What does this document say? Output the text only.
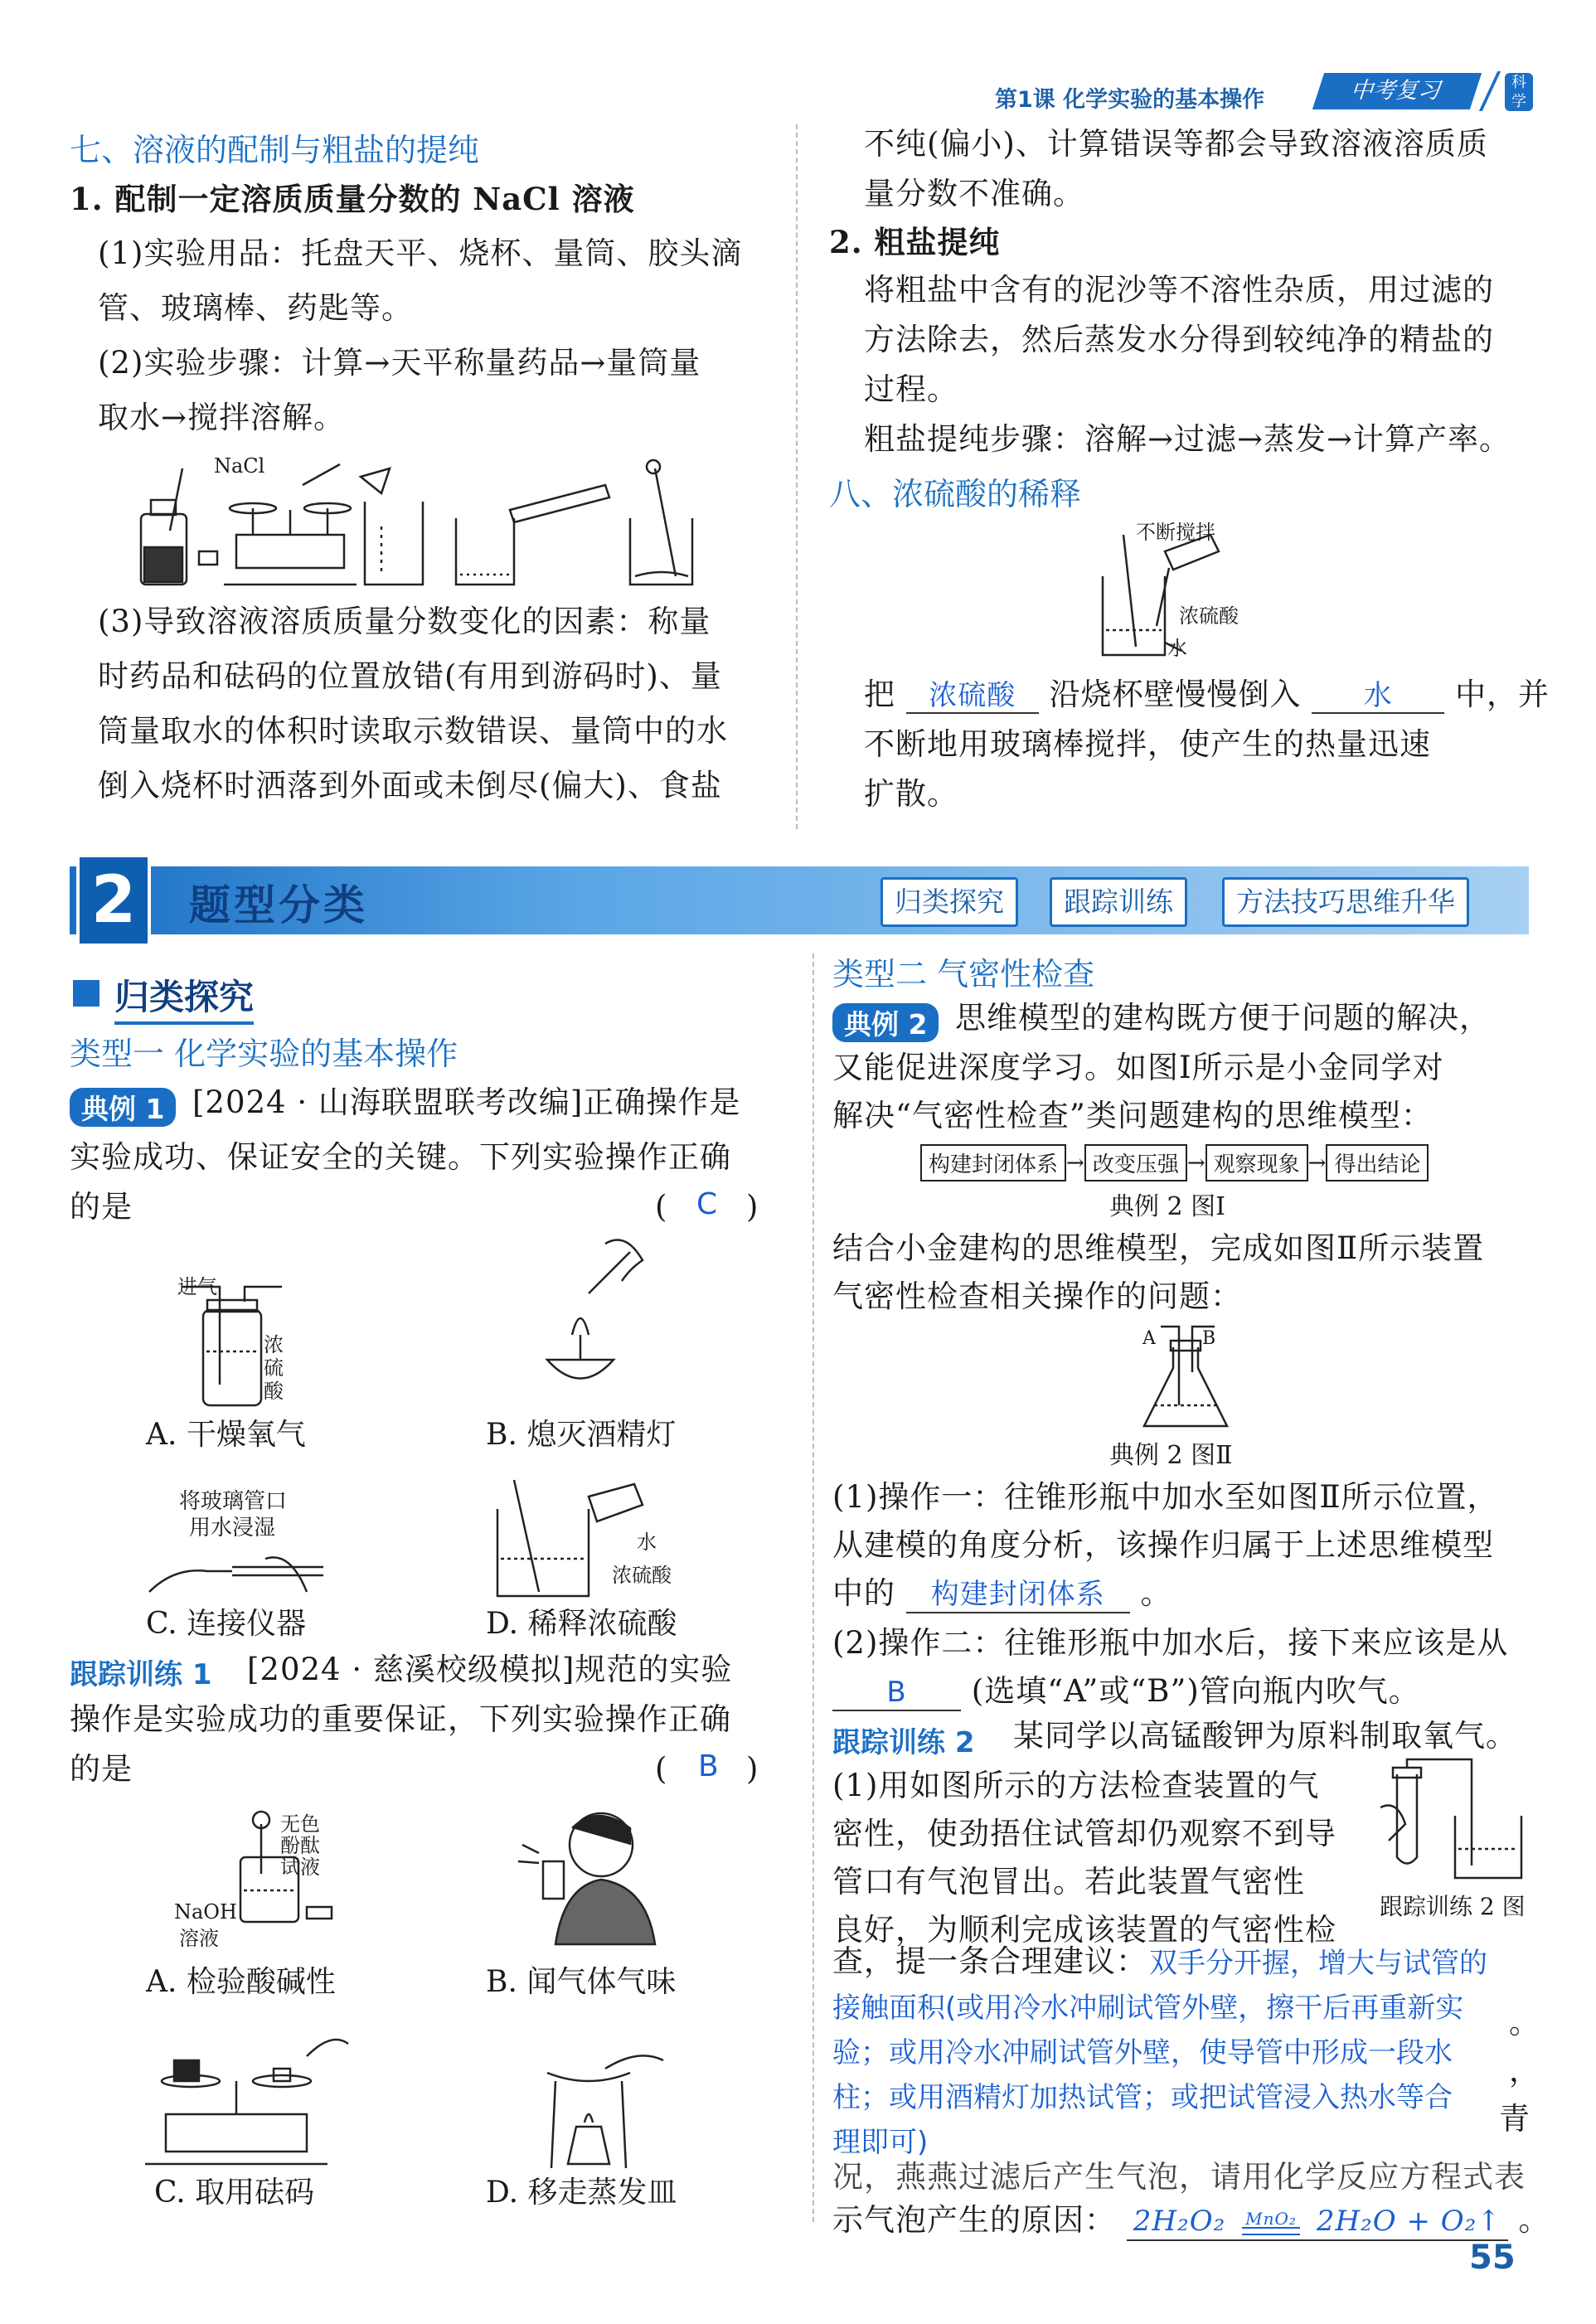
第1课 化学实验的基本操作	中考复习	科学
七、溶液的配制与粗盐的提纯
1. 配制一定溶质质量分数的 NaCl 溶液
(1)实验用品：托盘天平、烧杯、量筒、胶头滴
管、玻璃棒、药匙等。
(2)实验步骤：计算→天平称量药品→量筒量
取水→搅拌溶解。
NaCl
(3)导致溶液溶质质量分数变化的因素：称量
时药品和砝码的位置放错(有用到游码时)、量
筒量取水的体积时读取示数错误、量筒中的水
倒入烧杯时洒落到外面或未倒尽(偏大)、食盐
不纯(偏小)、计算错误等都会导致溶液溶质质
量分数不准确。
2. 粗盐提纯
将粗盐中含有的泥沙等不溶性杂质，用过滤的
方法除去，然后蒸发水分得到较纯净的精盐的
过程。
粗盐提纯步骤：溶解→过滤→蒸发→计算产率。
八、浓硫酸的稀释
不断搅拌
浓硫酸
水
把 浓硫酸 沿烧杯壁慢慢倒入 水 中，并
不断地用玻璃棒搅拌，使产生的热量迅速
扩散。
2	题型分类	归类探究	跟踪训练	方法技巧思维升华
归类探究
类型一 化学实验的基本操作
典例 1 [2024 · 山海联盟联考改编]正确操作是
实验成功、保证安全的关键。下列实验操作正确
的是	( C )
进气
浓硫酸
A. 干燥氧气	B. 熄灭酒精灯
将玻璃管口
用水浸湿
C. 连接仪器
水
浓硫酸
D. 稀释浓硫酸
跟踪训练 1 [2024 · 慈溪校级模拟]规范的实验
操作是实验成功的重要保证，下列实验操作正确
的是	( B )
无色
酚酞
试液
NaOH
溶液
A. 检验酸碱性	B. 闻气体气味
C. 取用砝码	D. 移走蒸发皿
类型二 气密性检查
典例 2 思维模型的建构既方便于问题的解决，
又能促进深度学习。如图Ⅰ所示是小金同学对
解决“气密性检查”类问题建构的思维模型：
构建封闭体系 → 改变压强 → 观察现象 → 得出结论
典例 2 图Ⅰ
结合小金建构的思维模型，完成如图Ⅱ所示装置
气密性检查相关操作的问题：
A	B
典例 2 图Ⅱ
(1)操作一：往锥形瓶中加水至如图Ⅱ所示位置，
从建模的角度分析，该操作归属于上述思维模型
中的 构建封闭体系 。
(2)操作二：往锥形瓶中加水后，接下来应该是从
B (选填“A”或“B”)管向瓶内吹气。
跟踪训练 2 某同学以高锰酸钾为原料制取氧气。
(1)用如图所示的方法检查装置的气
密性，使劲捂住试管却仍观察不到导
管口有气泡冒出。若此装置气密性
良好，为顺利完成该装置的气密性检
跟踪训练 2 图
查，提一条合理建议： 双手分开握，增大与试管的
接触面积(或用冷水冲刷试管外壁，擦干后再重新实
验；或用冷水冲刷试管外壁，使导管中形成一段水
柱；或用酒精灯加热试管；或把试管浸入热水等合
理即可)
。
，
青
况，燕燕过滤后产生气泡，请用化学反应方程式表
示气泡产生的原因： 2H₂O₂ MnO₂ 2H₂O + O₂↑ 。
55
